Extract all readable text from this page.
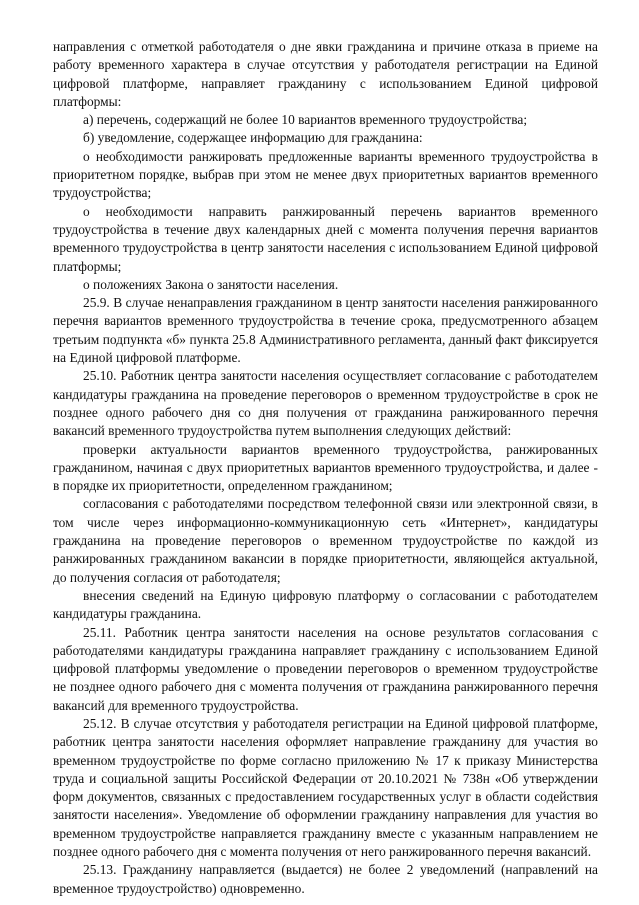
направления с отметкой работодателя о дне явки гражданина и причине отказа в приеме на работу временного характера в случае отсутствия у работодателя регистрации на Единой цифровой платформе, направляет гражданину с использованием Единой цифровой платформы:

а) перечень, содержащий не более 10 вариантов временного трудоустройства;

б) уведомление, содержащее информацию для гражданина:

о необходимости ранжировать предложенные варианты временного трудоустройства в приоритетном порядке, выбрав при этом не менее двух приоритетных вариантов временного трудоустройства;

о необходимости направить ранжированный перечень вариантов временного трудоустройства в течение двух календарных дней с момента получения перечня вариантов временного трудоустройства в центр занятости населения с использованием Единой цифровой платформы;

о положениях Закона о занятости населения.

25.9. В случае ненаправления гражданином в центр занятости населения ранжированного перечня вариантов временного трудоустройства в течение срока, предусмотренного абзацем третьим подпункта «б» пункта 25.8 Административного регламента, данный факт фиксируется на Единой цифровой платформе.

25.10. Работник центра занятости населения осуществляет согласование с работодателем кандидатуры гражданина на проведение переговоров о временном трудоустройстве в срок не позднее одного рабочего дня со дня получения от гражданина ранжированного перечня вакансий временного трудоустройства путем выполнения следующих действий:

проверки актуальности вариантов временного трудоустройства, ранжированных гражданином, начиная с двух приоритетных вариантов временного трудоустройства, и далее - в порядке их приоритетности, определенном гражданином;

согласования с работодателями посредством телефонной связи или электронной связи, в том числе через информационно-коммуникационную сеть «Интернет», кандидатуры гражданина на проведение переговоров о временном трудоустройстве по каждой из ранжированных гражданином вакансии в порядке приоритетности, являющейся актуальной, до получения согласия от работодателя;

внесения сведений на Единую цифровую платформу о согласовании с работодателем кандидатуры гражданина.

25.11. Работник центра занятости населения на основе результатов согласования с работодателями кандидатуры гражданина направляет гражданину с использованием Единой цифровой платформы уведомление о проведении переговоров о временном трудоустройстве не позднее одного рабочего дня с момента получения от гражданина ранжированного перечня вакансий для временного трудоустройства.

25.12. В случае отсутствия у работодателя регистрации на Единой цифровой платформе, работник центра занятости населения оформляет направление гражданину для участия во временном трудоустройстве по форме согласно приложению № 17 к приказу Министерства труда и социальной защиты Российской Федерации от 20.10.2021 № 738н «Об утверждении форм документов, связанных с предоставлением государственных услуг в области содействия занятости населения». Уведомление об оформлении гражданину направления для участия во временном трудоустройстве направляется гражданину вместе с указанным направлением не позднее одного рабочего дня с момента получения от него ранжированного перечня вакансий.

25.13. Гражданину направляется (выдается) не более 2 уведомлений (направлений на временное трудоустройство) одновременно.
